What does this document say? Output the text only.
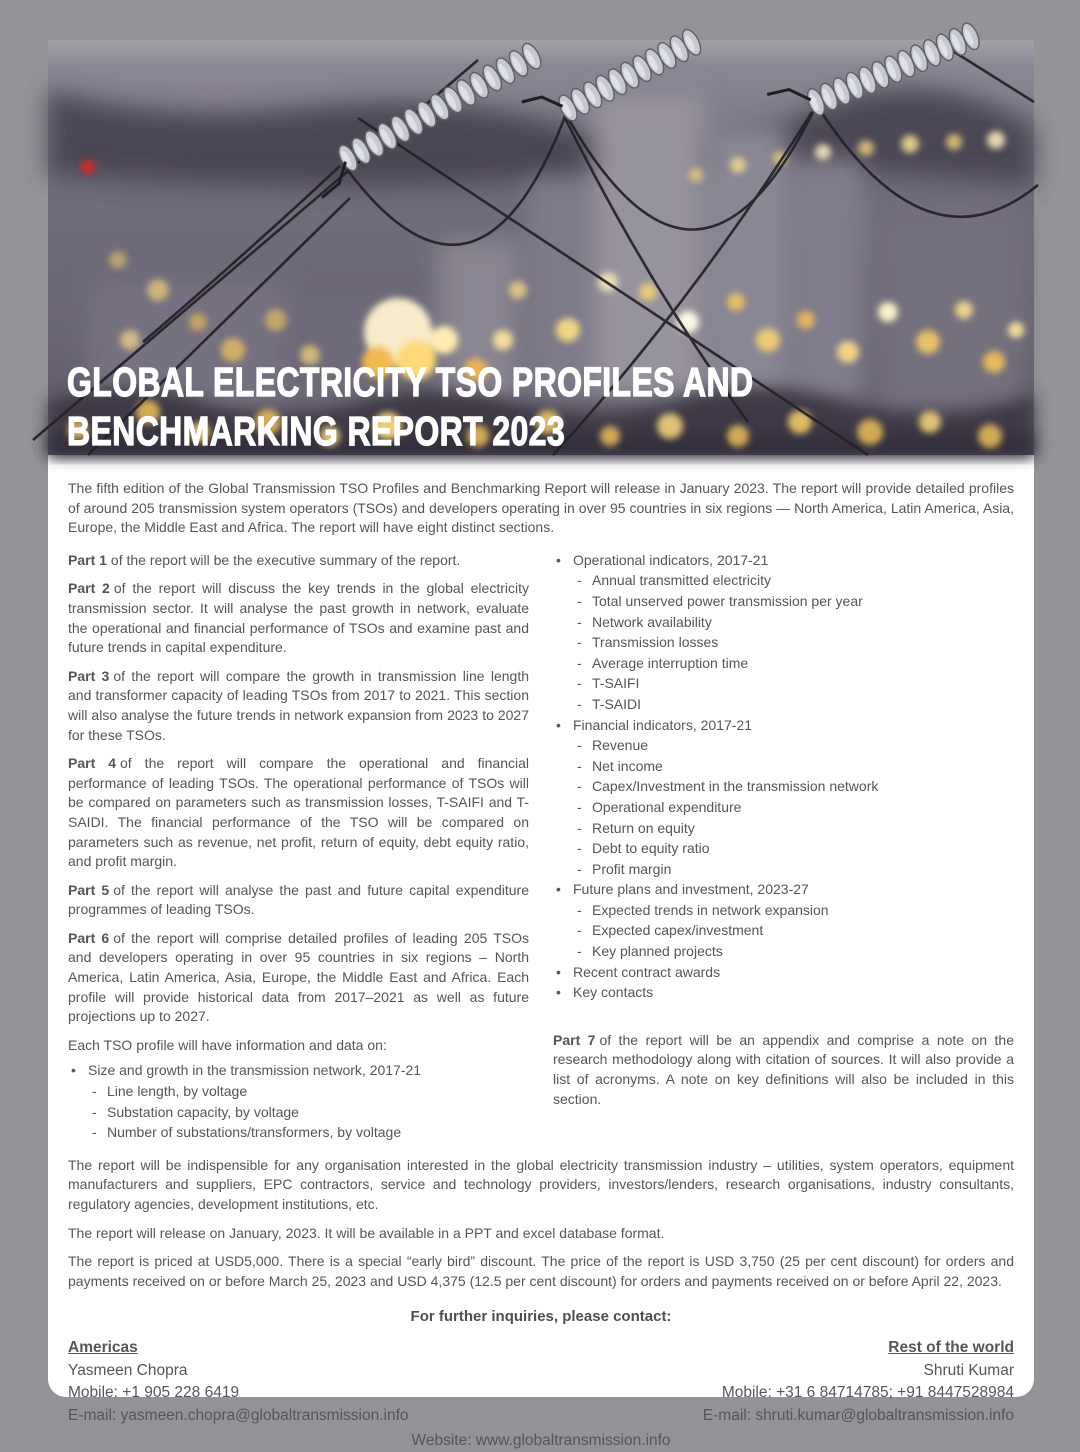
GLOBAL ELECTRICITY TSO PROFILES AND
BENCHMARKING REPORT 2023

The fifth edition of the Global Transmission TSO Profiles and Benchmarking Report will release in January 2023. The report will provide detailed profiles of around 205 transmission system operators (TSOs) and developers operating in over 95 countries in six regions — North America, Latin America, Asia, Europe, the Middle East and Africa. The report will have eight distinct sections.

Part 1 of the report will be the executive summary of the report.

Part 2 of the report will discuss the key trends in the global electricity transmission sector. It will analyse the past growth in network, evaluate the operational and financial performance of TSOs and examine past and future trends in capital expenditure.

Part 3 of the report will compare the growth in transmission line length and transformer capacity of leading TSOs from 2017 to 2021. This section will also analyse the future trends in network expansion from 2023 to 2027 for these TSOs.

Part 4 of the report will compare the operational and financial performance of leading TSOs. The operational performance of TSOs will be compared on parameters such as transmission losses, T-SAIFI and T-SAIDI. The financial performance of the TSO will be compared on parameters such as revenue, net profit, return of equity, debt equity ratio, and profit margin.

Part 5 of the report will analyse the past and future capital expenditure programmes of leading TSOs.

Part 6 of the report will comprise detailed profiles of leading 205 TSOs and developers operating in over 95 countries in six regions – North America, Latin America, Asia, Europe, the Middle East and Africa. Each profile will provide historical data from 2017–2021 as well as future projections up to 2027.

Each TSO profile will have information and data on:

• Size and growth in the transmission network, 2017-21
- Line length, by voltage
- Substation capacity, by voltage
- Number of substations/transformers, by voltage
• Operational indicators, 2017-21
- Annual transmitted electricity
- Total unserved power transmission per year
- Network availability
- Transmission losses
- Average interruption time
- T-SAIFI
- T-SAIDI
• Financial indicators, 2017-21
- Revenue
- Net income
- Capex/Investment in the transmission network
- Operational expenditure
- Return on equity
- Debt to equity ratio
- Profit margin
• Future plans and investment, 2023-27
- Expected trends in network expansion
- Expected capex/investment
- Key planned projects
• Recent contract awards
• Key contacts

Part 7 of the report will be an appendix and comprise a note on the research methodology along with citation of sources. It will also provide a list of acronyms. A note on key definitions will also be included in this section.

The report will be indispensible for any organisation interested in the global electricity transmission industry – utilities, system operators, equipment manufacturers and suppliers, EPC contractors, service and technology providers, investors/lenders, research organisations, industry consultants, regulatory agencies, development institutions, etc.

The report will release on January, 2023. It will be available in a PPT and excel database format.

The report is priced at USD5,000. There is a special “early bird” discount. The price of the report is USD 3,750 (25 per cent discount) for orders and payments received on or before March 25, 2023 and USD 4,375 (12.5 per cent discount) for orders and payments received on or before April 22, 2023.

For further inquiries, please contact:

Americas
Yasmeen Chopra
Mobile: +1 905 228 6419
E-mail: yasmeen.chopra@globaltransmission.info
Rest of the world
Shruti Kumar
Mobile: +31 6 84714785; +91 8447528984
E-mail: shruti.kumar@globaltransmission.info

Website: www.globaltransmission.info
